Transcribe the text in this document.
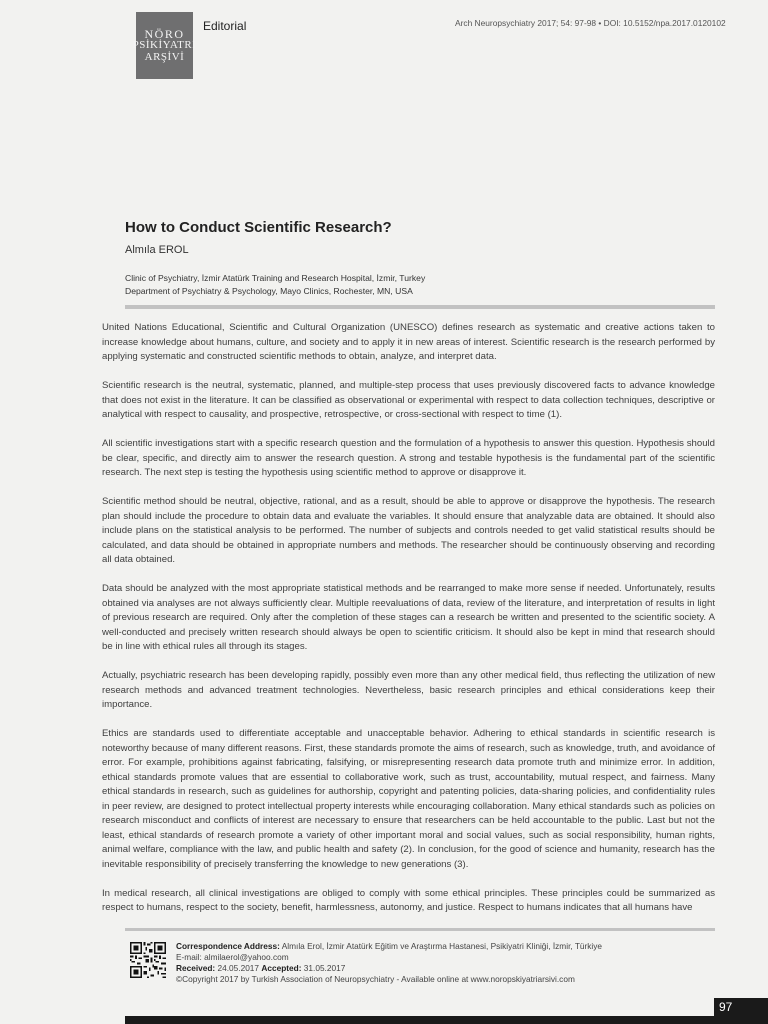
NÖRO
PSİKİYATRİ
ARŞİVİ
Editorial	Arch Neuropsychiatry 2017; 54: 97-98 • DOI: 10.5152/npa.2017.0120102
How to Conduct Scientific Research?
Almıla EROL
Clinic of Psychiatry, İzmir Atatürk Training and Research Hospital, İzmir, Turkey
Department of Psychiatry & Psychology, Mayo Clinics, Rochester, MN, USA

United Nations Educational, Scientific and Cultural Organization (UNESCO) defines research as systematic and creative actions taken to increase knowledge about humans, culture, and society and to apply it in new areas of interest. Scientific research is the research performed by applying systematic and constructed scientific methods to obtain, analyze, and interpret data.

Scientific research is the neutral, systematic, planned, and multiple-step process that uses previously discovered facts to advance knowledge that does not exist in the literature. It can be classified as observational or experimental with respect to data collection techniques, descriptive or analytical with respect to causality, and prospective, retrospective, or cross-sectional with respect to time (1).

All scientific investigations start with a specific research question and the formulation of a hypothesis to answer this question. Hypothesis should be clear, specific, and directly aim to answer the research question. A strong and testable hypothesis is the fundamental part of the scientific research. The next step is testing the hypothesis using scientific method to approve or disapprove it.

Scientific method should be neutral, objective, rational, and as a result, should be able to approve or disapprove the hypothesis. The research plan should include the procedure to obtain data and evaluate the variables. It should ensure that analyzable data are obtained. It should also include plans on the statistical analysis to be performed. The number of subjects and controls needed to get valid statistical results should be calculated, and data should be obtained in appropriate numbers and methods. The researcher should be continuously observing and recording all data obtained.

Data should be analyzed with the most appropriate statistical methods and be rearranged to make more sense if needed. Unfortunately, results obtained via analyses are not always sufficiently clear. Multiple reevaluations of data, review of the literature, and interpretation of results in light of previous research are required. Only after the completion of these stages can a research be written and presented to the scientific society. A well-conducted and precisely written research should always be open to scientific criticism. It should also be kept in mind that research should be in line with ethical rules all through its stages.

Actually, psychiatric research has been developing rapidly, possibly even more than any other medical field, thus reflecting the utilization of new research methods and advanced treatment technologies. Nevertheless, basic research principles and ethical considerations keep their importance.

Ethics are standards used to differentiate acceptable and unacceptable behavior. Adhering to ethical standards in scientific research is noteworthy because of many different reasons. First, these standards promote the aims of research, such as knowledge, truth, and avoidance of error. For example, prohibitions against fabricating, falsifying, or misrepresenting research data promote truth and minimize error. In addition, ethical standards promote values that are essential to collaborative work, such as trust, accountability, mutual respect, and fairness. Many ethical standards in research, such as guidelines for authorship, copyright and patenting policies, data-sharing policies, and confidentiality rules in peer review, are designed to protect intellectual property interests while encouraging collaboration. Many ethical standards such as policies on research misconduct and conflicts of interest are necessary to ensure that researchers can be held accountable to the public. Last but not the least, ethical standards of research promote a variety of other important moral and social values, such as social responsibility, human rights, animal welfare, compliance with the law, and public health and safety (2). In conclusion, for the good of science and humanity, research has the inevitable responsibility of precisely transferring the knowledge to new generations (3).

In medical research, all clinical investigations are obliged to comply with some ethical principles. These principles could be summarized as respect to humans, respect to the society, benefit, harmlessness, autonomy, and justice. Respect to humans indicates that all humans have

Correspondence Address: Almıla Erol, İzmir Atatürk Eğitim ve Araştırma Hastanesi, Psikiyatri Kliniği, İzmir, Türkiye
E-mail: almilaerol@yahoo.com
Received: 24.05.2017 Accepted: 31.05.2017
©Copyright 2017 by Turkish Association of Neuropsychiatry - Available online at www.noropskiyatriarsivi.com
97
